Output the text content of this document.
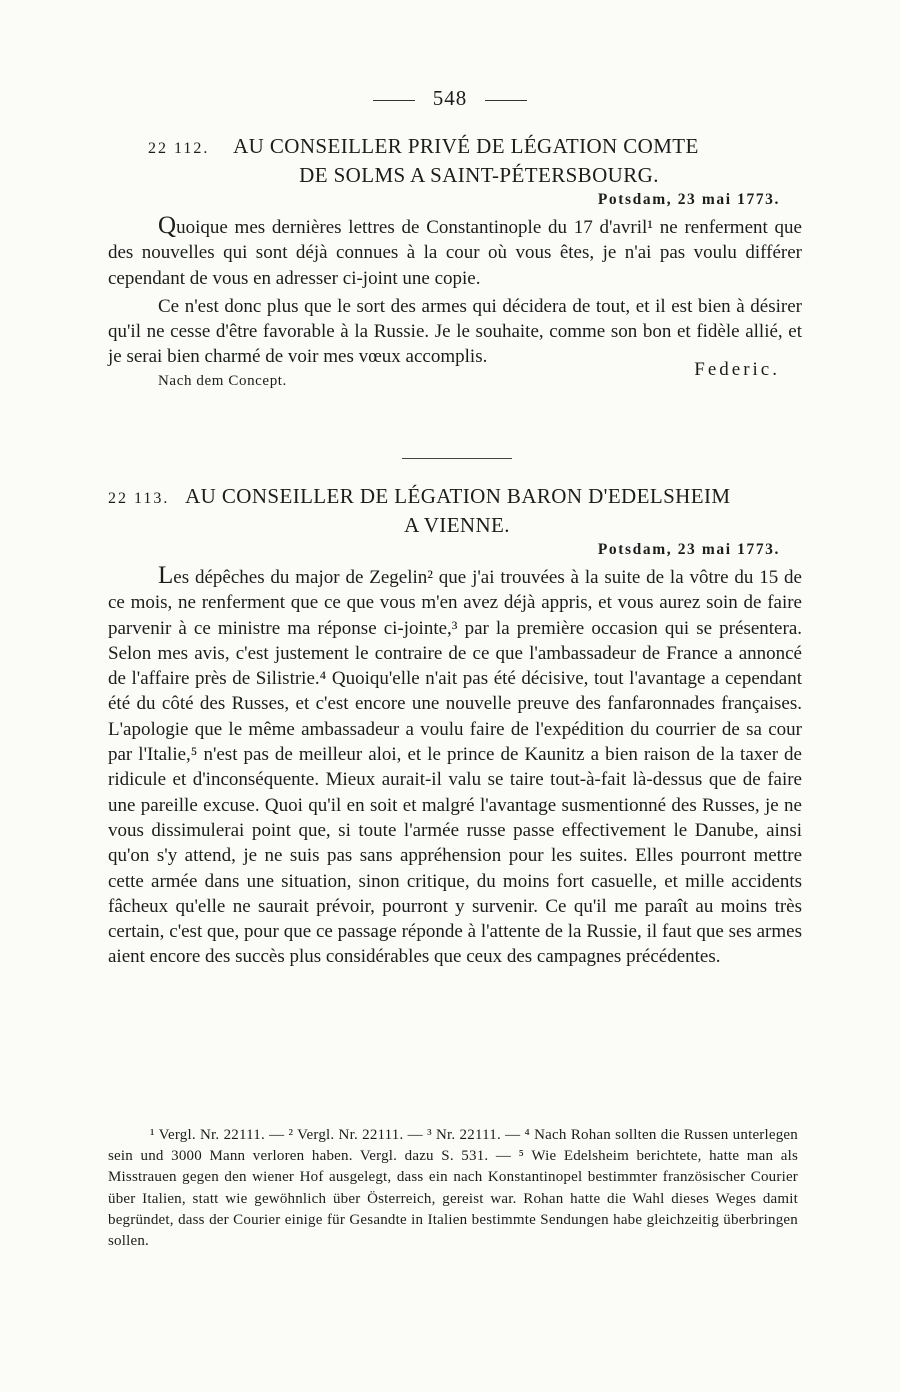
548
22 112. AU CONSEILLER PRIVÉ DE LÉGATION COMTE
DE SOLMS A SAINT-PÉTERSBOURG.
Potsdam, 23 mai 1773.

Quoique mes dernières lettres de Constantinople du 17 d'avril¹ ne renferment que des nouvelles qui sont déjà connues à la cour où vous êtes, je n'ai pas voulu différer cependant de vous en adresser ci-joint une copie.

Ce n'est donc plus que le sort des armes qui décidera de tout, et il est bien à désirer qu'il ne cesse d'être favorable à la Russie. Je le souhaite, comme son bon et fidèle allié, et je serai bien charmé de voir mes vœux accomplis.

Nach dem Concept.
Federic.
22 113. AU CONSEILLER DE LÉGATION BARON D'EDELSHEIM
A VIENNE.
Potsdam, 23 mai 1773.

Les dépêches du major de Zegelin² que j'ai trouvées à la suite de la vôtre du 15 de ce mois, ne renferment que ce que vous m'en avez déjà appris, et vous aurez soin de faire parvenir à ce ministre ma réponse ci-jointe,³ par la première occasion qui se présentera. Selon mes avis, c'est justement le contraire de ce que l'ambassadeur de France a annoncé de l'affaire près de Silistrie.⁴ Quoiqu'elle n'ait pas été décisive, tout l'avantage a cependant été du côté des Russes, et c'est encore une nouvelle preuve des fanfaronnades françaises. L'apologie que le même ambassadeur a voulu faire de l'expédition du courrier de sa cour par l'Italie,⁵ n'est pas de meilleur aloi, et le prince de Kaunitz a bien raison de la taxer de ridicule et d'inconséquente. Mieux aurait-il valu se taire tout-à-fait là-dessus que de faire une pareille excuse. Quoi qu'il en soit et malgré l'avantage susmentionné des Russes, je ne vous dissimulerai point que, si toute l'armée russe passe effectivement le Danube, ainsi qu'on s'y attend, je ne suis pas sans appréhension pour les suites. Elles pourront mettre cette armée dans une situation, sinon critique, du moins fort casuelle, et mille accidents fâcheux qu'elle ne saurait prévoir, pourront y survenir. Ce qu'il me paraît au moins très certain, c'est que, pour que ce passage réponde à l'attente de la Russie, il faut que ses armes aient encore des succès plus considérables que ceux des campagnes précédentes.

¹ Vergl. Nr. 22111. — ² Vergl. Nr. 22111. — ³ Nr. 22111. — ⁴ Nach Rohan sollten die Russen unterlegen sein und 3000 Mann verloren haben. Vergl. dazu S. 531. — ⁵ Wie Edelsheim berichtete, hatte man als Misstrauen gegen den wiener Hof ausgelegt, dass ein nach Konstantinopel bestimmter französischer Courier über Italien, statt wie gewöhnlich über Österreich, gereist war. Rohan hatte die Wahl dieses Weges damit begründet, dass der Courier einige für Gesandte in Italien bestimmte Sendungen habe gleichzeitig überbringen sollen.
